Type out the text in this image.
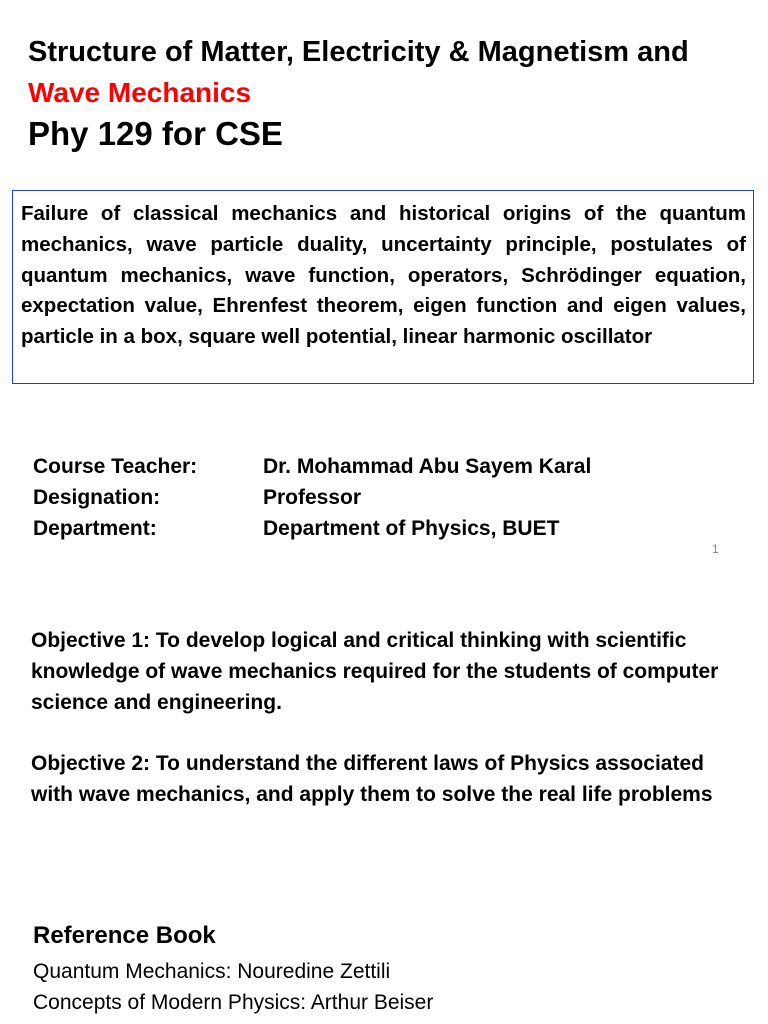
Structure of Matter, Electricity & Magnetism and
Wave Mechanics
Phy 129 for CSE
Failure of classical mechanics and historical origins of the quantum mechanics, wave particle duality, uncertainty principle, postulates of quantum mechanics, wave function, operators, Schrödinger equation, expectation value, Ehrenfest theorem, eigen function and eigen values, particle in a box, square well potential, linear harmonic oscillator
Course Teacher:	Dr. Mohammad Abu Sayem Karal
Designation:	Professor
Department:	Department of Physics, BUET
1
Objective 1: To develop logical and critical thinking with scientific knowledge of wave mechanics required for the students of computer science and engineering.
Objective 2: To understand the different laws of Physics associated with wave mechanics, and apply them to solve the real life problems
Reference Book
Quantum Mechanics: Nouredine Zettili
Concepts of Modern Physics: Arthur Beiser
